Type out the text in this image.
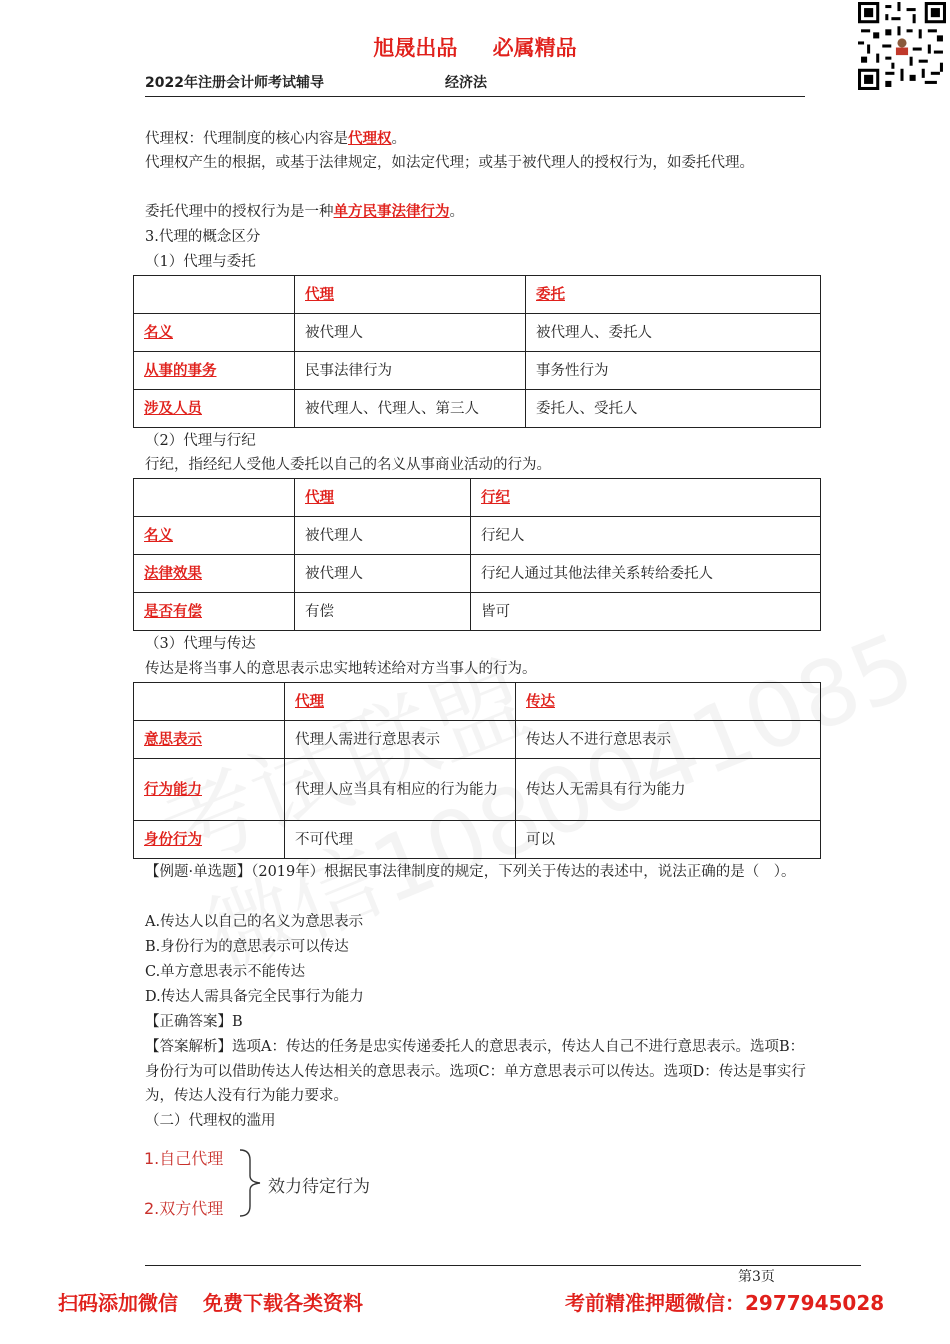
旭晟出品 必属精品
2022年注册会计师考试辅导	经济法
代理权：代理制度的核心内容是代理权。
代理权产生的根据，或基于法律规定，如法定代理；或基于被代理人的授权行为，如委托代理。
委托代理中的授权行为是一种单方民事法律行为。
3.代理的概念区分
（1）代理与委托
	代理	委托
名义	被代理人	被代理人、委托人
从事的事务	民事法律行为	事务性行为
涉及人员	被代理人、代理人、第三人	委托人、受托人
（2）代理与行纪
行纪，指经纪人受他人委托以自己的名义从事商业活动的行为。
	代理	行纪
名义	被代理人	行纪人
法律效果	被代理人	行纪人通过其他法律关系转给委托人
是否有偿	有偿	皆可
（3）代理与传达
传达是将当事人的意思表示忠实地转述给对方当事人的行为。
	代理	传达
意思表示	代理人需进行意思表示	传达人不进行意思表示
行为能力	代理人应当具有相应的行为能力	传达人无需具有行为能力
身份行为	不可代理	可以
【例题·单选题】（2019年）根据民事法律制度的规定，下列关于传达的表述中，说法正确的是（　）。
A.传达人以自己的名义为意思表示
B.身份行为的意思表示可以传达
C.单方意思表示不能传达
D.传达人需具备完全民事行为能力
【正确答案】B
【答案解析】选项A：传达的任务是忠实传递委托人的意思表示，传达人自己不进行意思表示。选项B：身份行为可以借助传达人传达相关的意思表示。选项C：单方意思表示可以传达。选项D：传达是事实行为，传达人没有行为能力要求。
（二）代理权的滥用
1.自己代理
2.双方代理
效力待定行为
第3页
扫码添加微信 免费下载各类资料	考前精准押题微信：2977945028
